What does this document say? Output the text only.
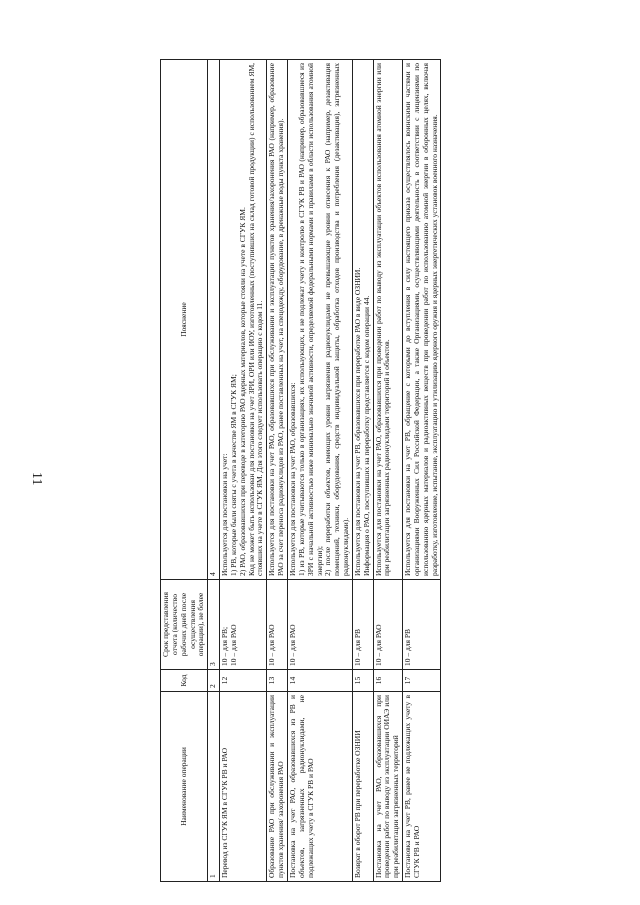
11
Наименование операции	Код	Срок представления отчета (количество рабочих дней после осуществления операции), не более	Пояснение
1	2	3	4
Перевод из СГУК ЯМ в СГУК РВ и РАО	12	10 – для РВ; 10 – для РАО	Используется для постановки на учет: 1) РВ, которые были сняты с учета в качестве ЯМ в СГУК ЯМ; 2) РАО, образовавшихся при переводе в категорию РАО ядерных материалов, которые стояли на учете в СГУК ЯМ. Код не может быть использован для постановки на учет ЗРИ, ОРИ или ИОУ, изготовленных (поступивших на склад готовой продукции) с использованием ЯМ, стоявших на учете в СГУК ЯМ. Для этого следует использовать операцию с кодом 11.

Образование РАО при обслуживании и эксплуатации пунктов хранения/ захоронения РАО	13	10 – для РАО	Используется для постановки на учет РАО, образовавшихся при обслуживании и эксплуатации пунктов хранения/захоронения РАО (например, образование РАО за счет переноса радионуклидов из РАО, ранее поставленных на учет, на спецодежду, оборудование, в дренажные воды пункта хранения).

Постановка на учет РАО, образовавшихся из РВ и объектов, загрязненных радионуклидами, не подлежащих учету в СГУК РВ и РАО	14	10 – для РАО	Используется для постановки на учет РАО, образовавшихся: 1) из РВ, которые учитываются только в организациях, их использующих, и не подлежат учету и контролю в СГУК РВ и РАО (например, образовавшиеся из ЗРИ с начальной активностью ниже минимально значимой активности, определяемой федеральными нормами и правилами в области использования атомной энергии); 2) после переработки объектов, имеющих уровни загрязнения радионуклидами не превышающие уровни отнесения к РАО (например, дезактивация помещений, техники, оборудования, средств индивидуальной защиты, обработка отходов производства и потребления (дезактивация), загрязненных радионуклидами).

Возврат в оборот РВ при переработке ОЗНИИ	15	10 – для РВ	Используется для постановки на учет РВ, образовавшихся при переработке РАО в виде ОЗНИИ. Информация о РАО, поступивших на переработку представляется с кодом операции 44.

Постановка на учет РАО, образовавшихся при проведении работ по выводу из эксплуатации ОИАЭ или при реабилитации загрязненных территорий	16	10 – для РАО	Используется для постановки на учет РАО, образовавшихся при проведении работ по выводу из эксплуатации объектов использования атомной энергии или при реабилитации загрязненных радионуклидами территорий и объектов.

Постановка на учет РВ, ранее не подлежащих учету в СГУК РВ и РАО	17	10 – для РВ	Используется для постановки на учет РВ, обращение с которыми до вступления в силу настоящего приказа осуществлялось воинскими частями и организациями Вооруженных Сил Российской Федерации, а также Организациями, осуществляющими деятельность в соответствии с лицензиями по использованию ядерных материалов и радиоактивных веществ при проведении работ по использованию атомной энергии в оборонных целях, включая разработку, изготовление, испытание, эксплуатацию и утилизацию ядерного оружия и ядерных энергетических установок военного назначения.
